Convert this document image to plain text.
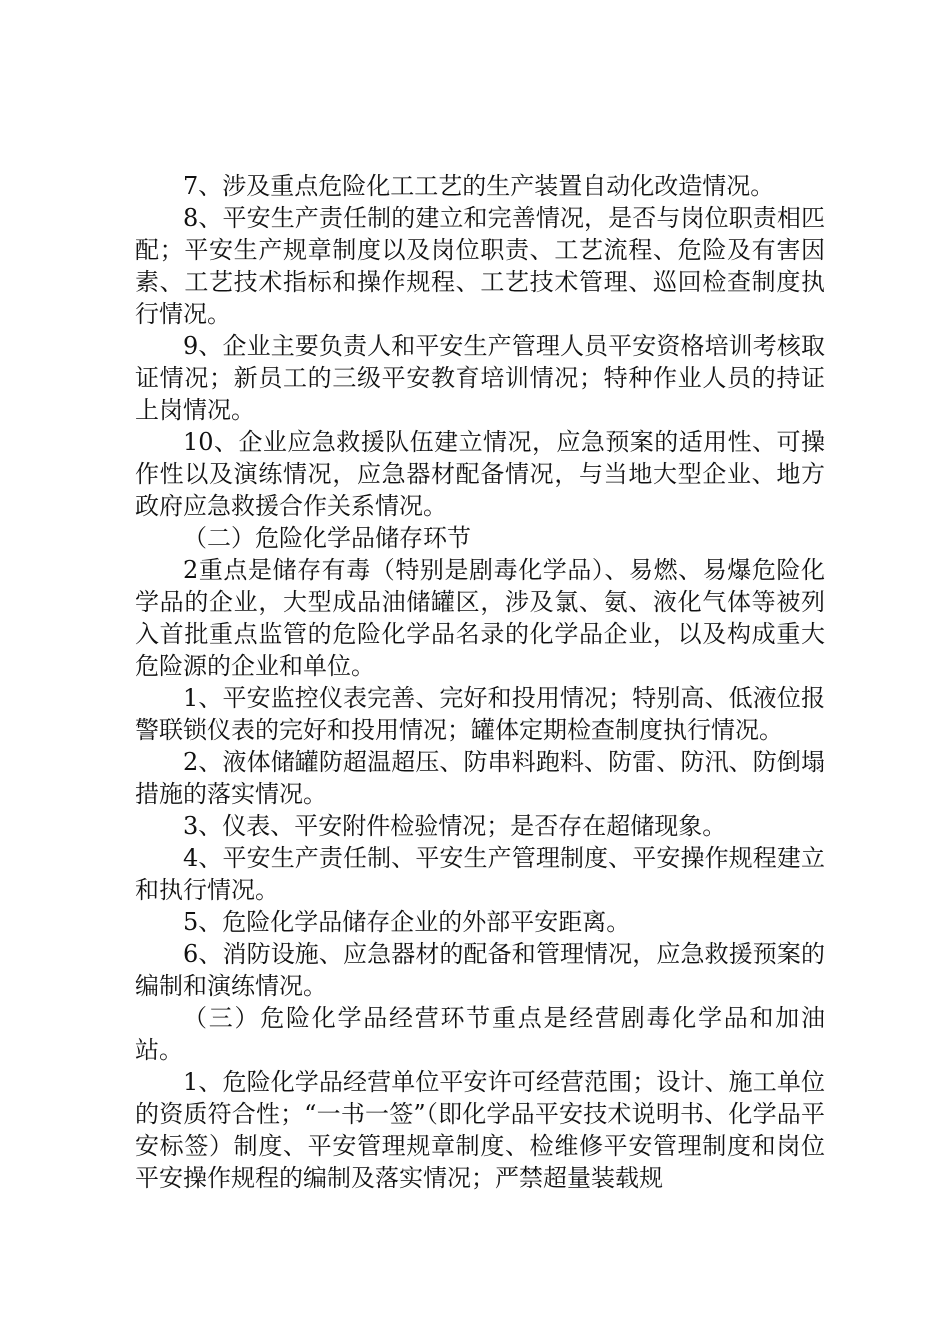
7、涉及重点危险化工工艺的生产装置自动化改造情况。

8、平安生产责任制的建立和完善情况，是否与岗位职责相匹配；平安生产规章制度以及岗位职责、工艺流程、危险及有害因素、工艺技术指标和操作规程、工艺技术管理、巡回检查制度执行情况。

9、企业主要负责人和平安生产管理人员平安资格培训考核取证情况；新员工的三级平安教育培训情况；特种作业人员的持证上岗情况。

10、企业应急救援队伍建立情况，应急预案的适用性、可操作性以及演练情况，应急器材配备情况，与当地大型企业、地方政府应急救援合作关系情况。

（二）危险化学品储存环节

2重点是储存有毒（特别是剧毒化学品）、易燃、易爆危险化学品的企业，大型成品油储罐区，涉及氯、氨、液化气体等被列入首批重点监管的危险化学品名录的化学品企业，以及构成重大危险源的企业和单位。

1、平安监控仪表完善、完好和投用情况；特别高、低液位报警联锁仪表的完好和投用情况；罐体定期检查制度执行情况。

2、液体储罐防超温超压、防串料跑料、防雷、防汛、防倒塌措施的落实情况。

3、仪表、平安附件检验情况；是否存在超储现象。

4、平安生产责任制、平安生产管理制度、平安操作规程建立和执行情况。

5、危险化学品储存企业的外部平安距离。

6、消防设施、应急器材的配备和管理情况，应急救援预案的编制和演练情况。

（三）危险化学品经营环节重点是经营剧毒化学品和加油站。

1、危险化学品经营单位平安许可经营范围；设计、施工单位的资质符合性；“一书一签”（即化学品平安技术说明书、化学品平安标签）制度、平安管理规章制度、检维修平安管理制度和岗位平安操作规程的编制及落实情况；严禁超量装载规
